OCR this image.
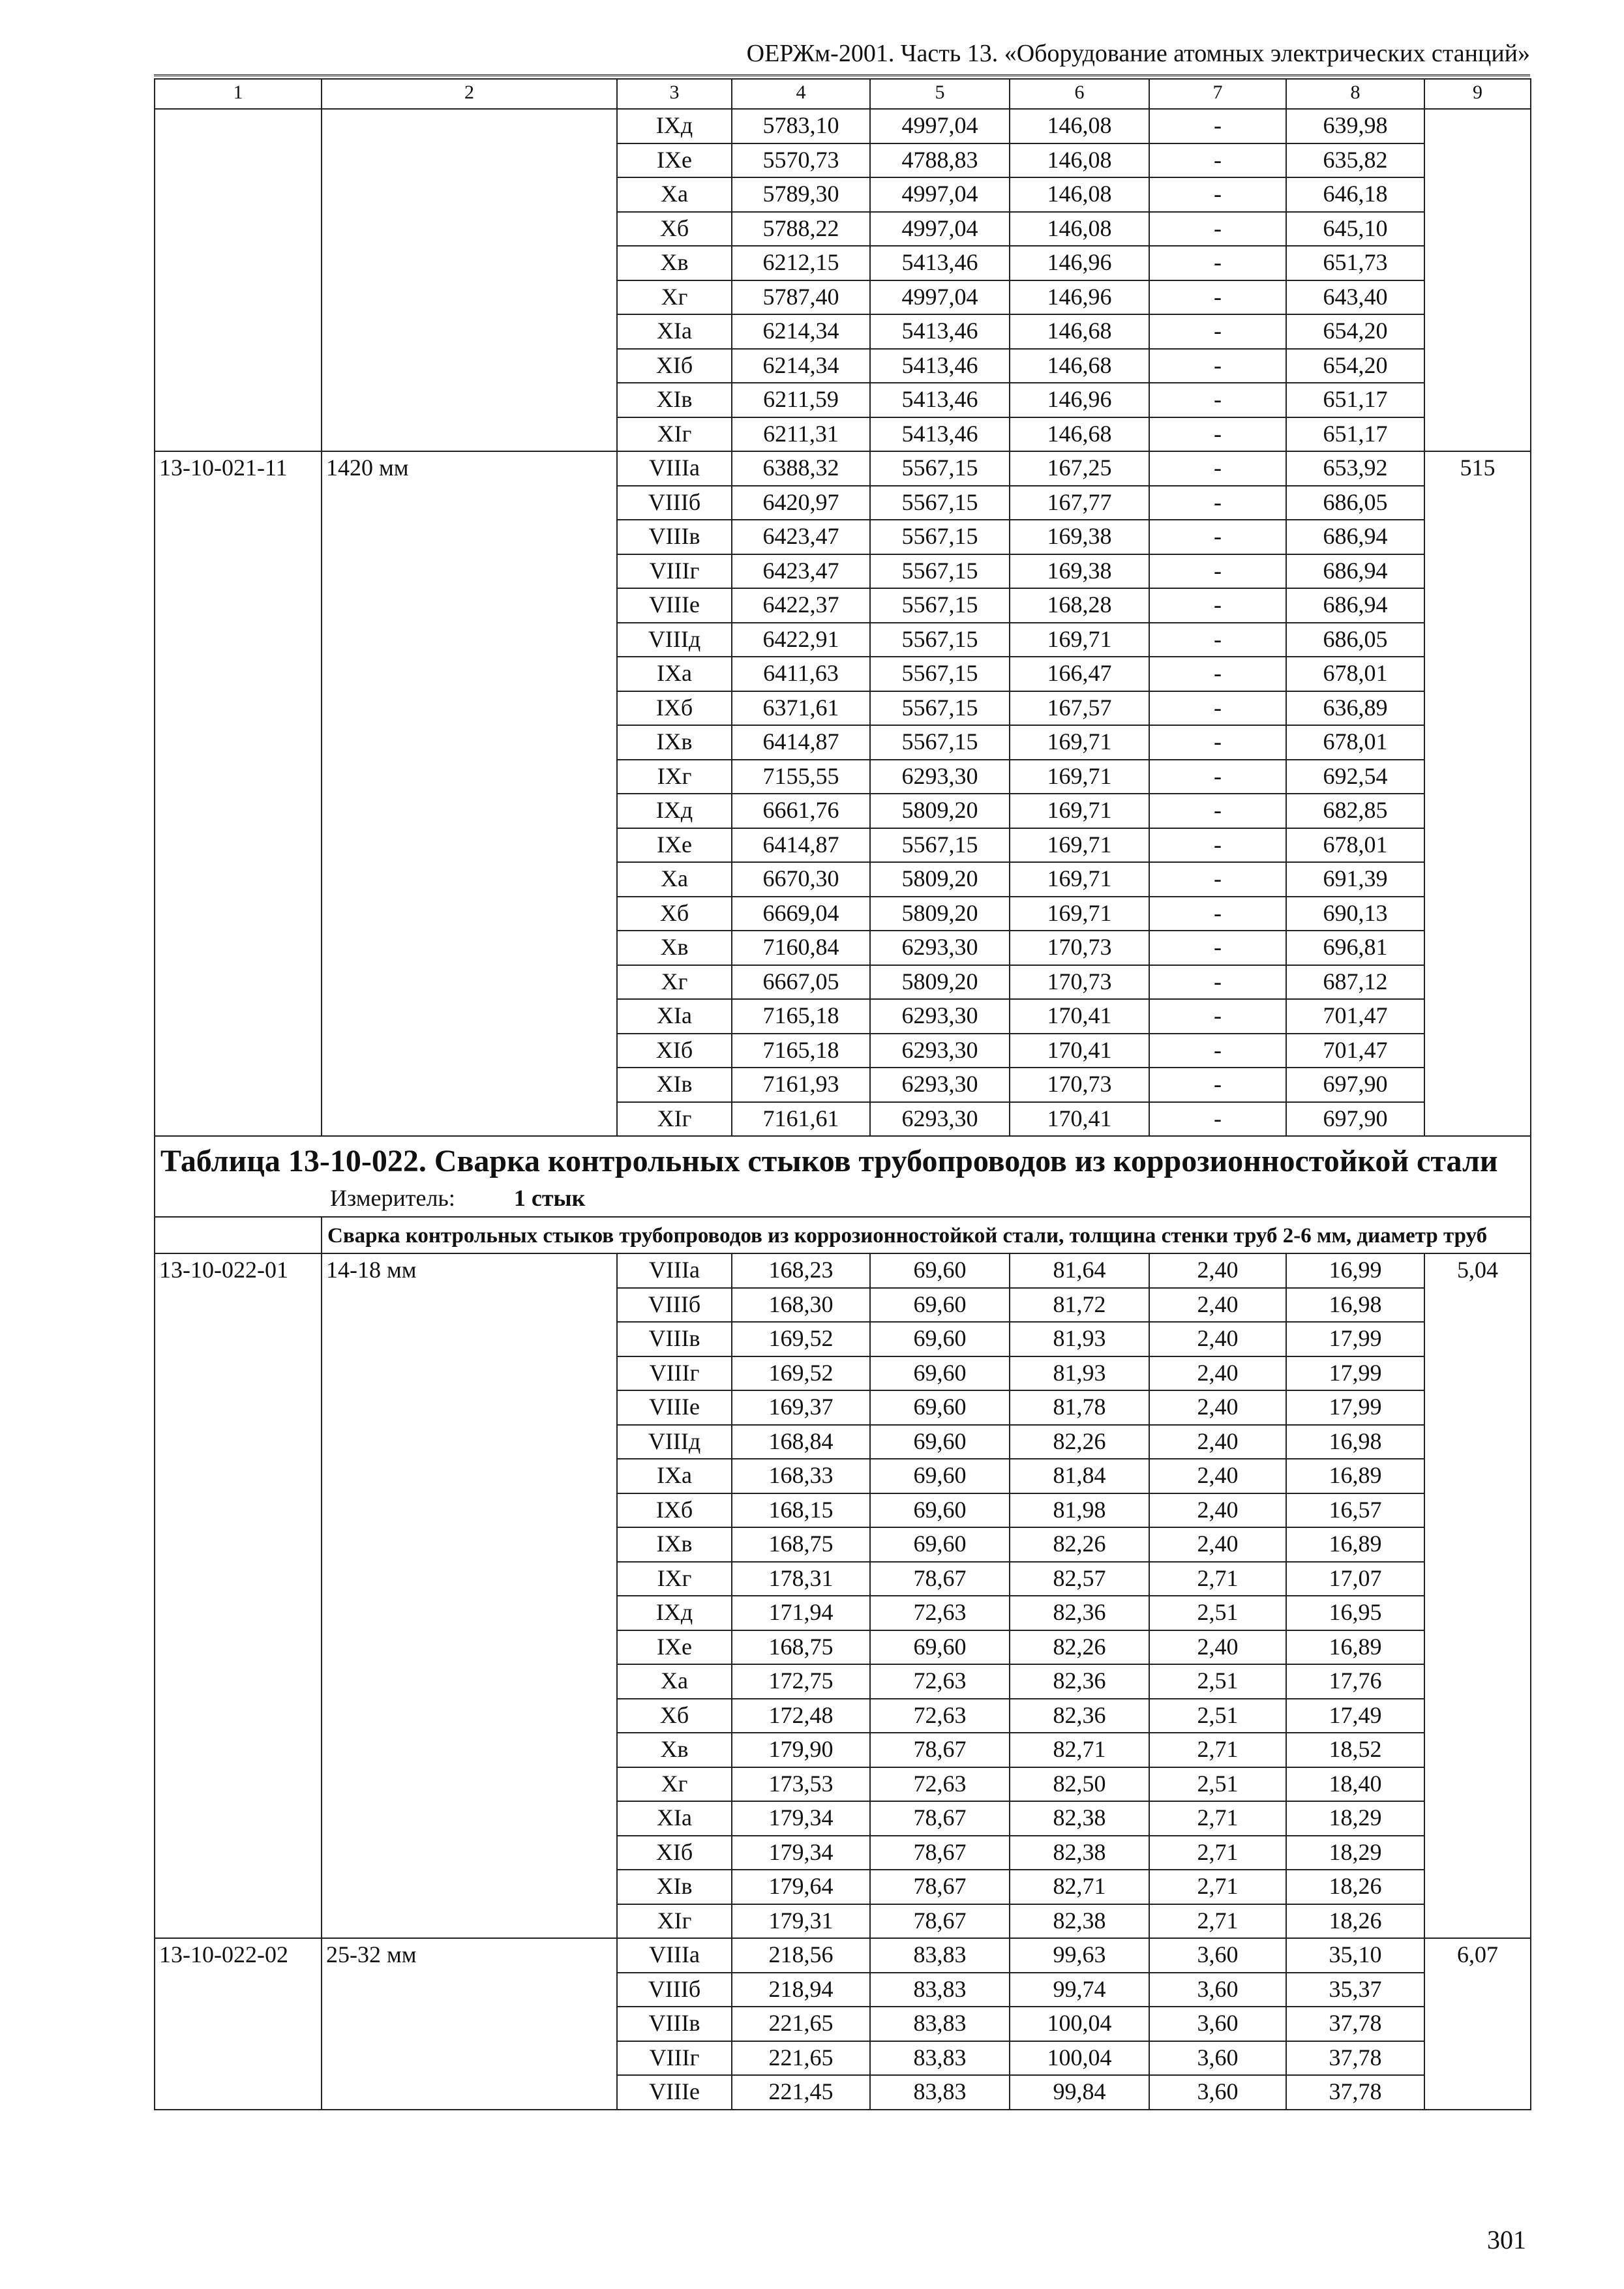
ОЕРЖм-2001. Часть 13. «Оборудование атомных электрических станций»
1	2	3	4	5	6	7	8	9
		IXд	5783,10	4997,04	146,08	-	639,98	
		IXе	5570,73	4788,83	146,08	-	635,82	
		Xа	5789,30	4997,04	146,08	-	646,18	
		Xб	5788,22	4997,04	146,08	-	645,10	
		Xв	6212,15	5413,46	146,96	-	651,73	
		Xг	5787,40	4997,04	146,96	-	643,40	
		XIа	6214,34	5413,46	146,68	-	654,20	
		XIб	6214,34	5413,46	146,68	-	654,20	
		XIв	6211,59	5413,46	146,96	-	651,17	
		XIг	6211,31	5413,46	146,68	-	651,17	
13-10-021-11	1420 мм	VIIIа	6388,32	5567,15	167,25	-	653,92	515
		VIIIб	6420,97	5567,15	167,77	-	686,05	
		VIIIв	6423,47	5567,15	169,38	-	686,94	
		VIIIг	6423,47	5567,15	169,38	-	686,94	
		VIIIе	6422,37	5567,15	168,28	-	686,94	
		VIIIд	6422,91	5567,15	169,71	-	686,05	
		IXа	6411,63	5567,15	166,47	-	678,01	
		IXб	6371,61	5567,15	167,57	-	636,89	
		IXв	6414,87	5567,15	169,71	-	678,01	
		IXг	7155,55	6293,30	169,71	-	692,54	
		IXд	6661,76	5809,20	169,71	-	682,85	
		IXе	6414,87	5567,15	169,71	-	678,01	
		Xа	6670,30	5809,20	169,71	-	691,39	
		Xб	6669,04	5809,20	169,71	-	690,13	
		Xв	7160,84	6293,30	170,73	-	696,81	
		Xг	6667,05	5809,20	170,73	-	687,12	
		XIа	7165,18	6293,30	170,41	-	701,47	
		XIб	7165,18	6293,30	170,41	-	701,47	
		XIв	7161,93	6293,30	170,73	-	697,90	
		XIг	7161,61	6293,30	170,41	-	697,90	

Таблица 13-10-022. Сварка контрольных стыков трубопроводов из коррозионностойкой стали
Измеритель: 1 стык								

	Сварка контрольных стыков трубопроводов из коррозионностойкой стали, толщина стенки труб 2-6 мм, диаметр труб							
13-10-022-01	14-18 мм	VIIIа	168,23	69,60	81,64	2,40	16,99	5,04
		VIIIб	168,30	69,60	81,72	2,40	16,98	
		VIIIв	169,52	69,60	81,93	2,40	17,99	
		VIIIг	169,52	69,60	81,93	2,40	17,99	
		VIIIе	169,37	69,60	81,78	2,40	17,99	
		VIIIд	168,84	69,60	82,26	2,40	16,98	
		IXа	168,33	69,60	81,84	2,40	16,89	
		IXб	168,15	69,60	81,98	2,40	16,57	
		IXв	168,75	69,60	82,26	2,40	16,89	
		IXг	178,31	78,67	82,57	2,71	17,07	
		IXд	171,94	72,63	82,36	2,51	16,95	
		IXе	168,75	69,60	82,26	2,40	16,89	
		Xа	172,75	72,63	82,36	2,51	17,76	
		Xб	172,48	72,63	82,36	2,51	17,49	
		Xв	179,90	78,67	82,71	2,71	18,52	
		Xг	173,53	72,63	82,50	2,51	18,40	
		XIа	179,34	78,67	82,38	2,71	18,29	
		XIб	179,34	78,67	82,38	2,71	18,29	
		XIв	179,64	78,67	82,71	2,71	18,26	
		XIг	179,31	78,67	82,38	2,71	18,26	
13-10-022-02	25-32 мм	VIIIа	218,56	83,83	99,63	3,60	35,10	6,07
		VIIIб	218,94	83,83	99,74	3,60	35,37	
		VIIIв	221,65	83,83	100,04	3,60	37,78	
		VIIIг	221,65	83,83	100,04	3,60	37,78	
		VIIIе	221,45	83,83	99,84	3,60	37,78	
301
